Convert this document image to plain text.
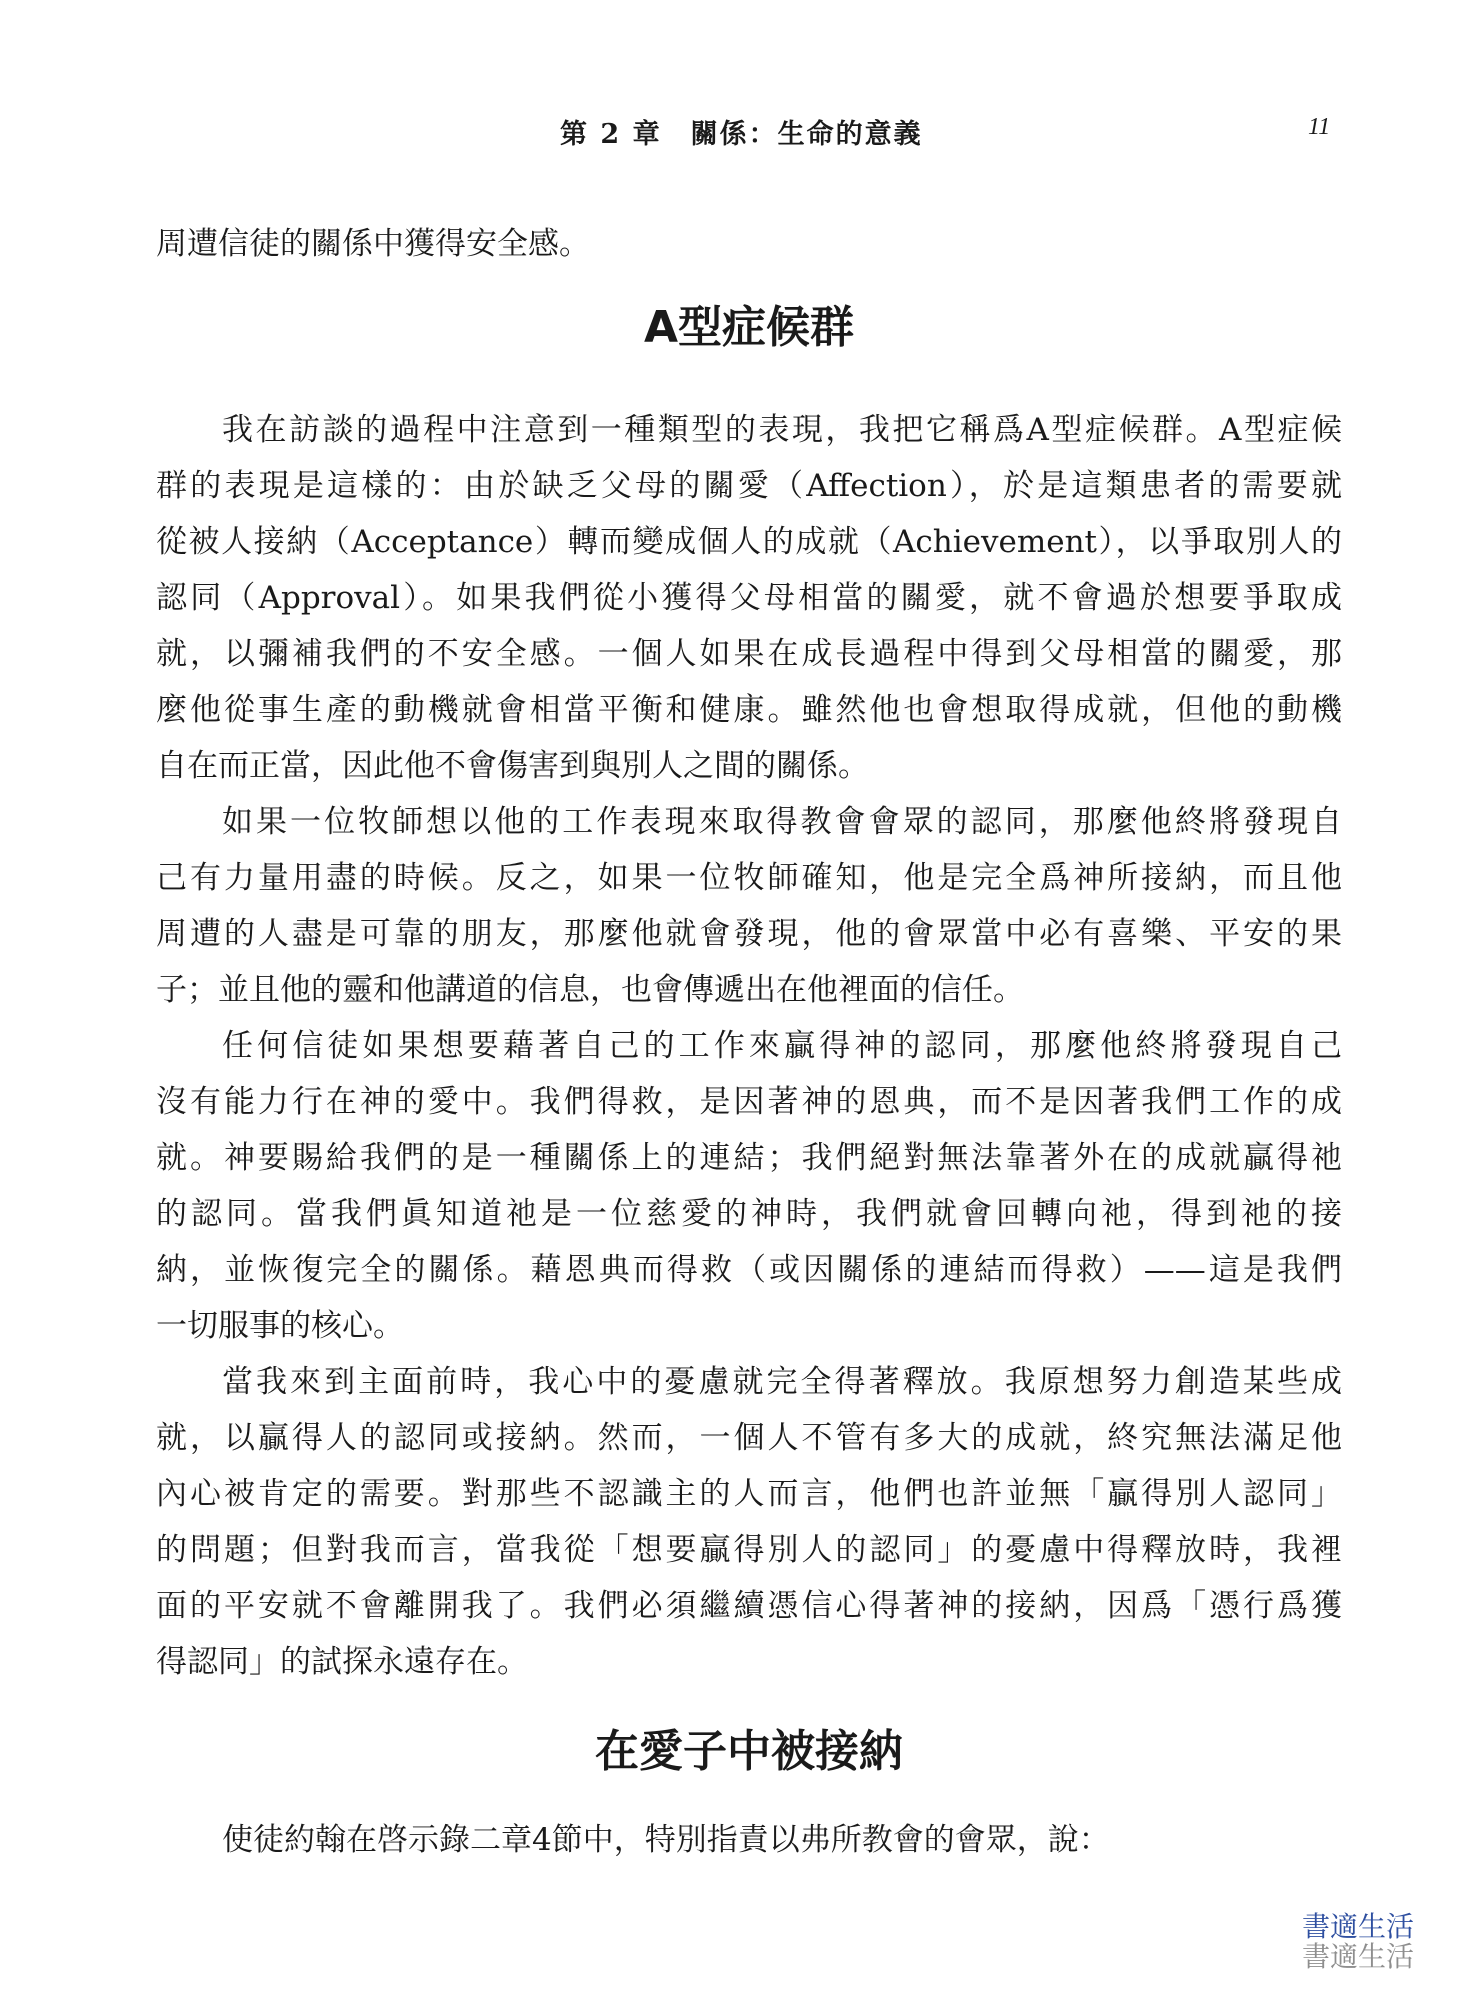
第 2 章　關係：生命的意義	11
周遭信徒的關係中獲得安全感。
A型症候群
我在訪談的過程中注意到一種類型的表現，我把它稱爲A型症候群。A型症候
群的表現是這樣的：由於缺乏父母的關愛（Affection），於是這類患者的需要就
從被人接納（Acceptance）轉而變成個人的成就（Achievement），以爭取別人的
認同（Approval）。如果我們從小獲得父母相當的關愛，就不會過於想要爭取成
就，以彌補我們的不安全感。一個人如果在成長過程中得到父母相當的關愛，那
麼他從事生產的動機就會相當平衡和健康。雖然他也會想取得成就，但他的動機
自在而正當，因此他不會傷害到與別人之間的關係。
如果一位牧師想以他的工作表現來取得教會會眾的認同，那麼他終將發現自
己有力量用盡的時候。反之，如果一位牧師確知，他是完全爲神所接納，而且他
周遭的人盡是可靠的朋友，那麼他就會發現，他的會眾當中必有喜樂、平安的果
子；並且他的靈和他講道的信息，也會傳遞出在他裡面的信任。
任何信徒如果想要藉著自己的工作來贏得神的認同，那麼他終將發現自己
沒有能力行在神的愛中。我們得救，是因著神的恩典，而不是因著我們工作的成
就。神要賜給我們的是一種關係上的連結；我們絕對無法靠著外在的成就贏得祂
的認同。當我們眞知道祂是一位慈愛的神時，我們就會回轉向祂，得到祂的接
納，並恢復完全的關係。藉恩典而得救（或因關係的連結而得救）——這是我們
一切服事的核心。
當我來到主面前時，我心中的憂慮就完全得著釋放。我原想努力創造某些成
就，以贏得人的認同或接納。然而，一個人不管有多大的成就，終究無法滿足他
內心被肯定的需要。對那些不認識主的人而言，他們也許並無「贏得別人認同」
的問題；但對我而言，當我從「想要贏得別人的認同」的憂慮中得釋放時，我裡
面的平安就不會離開我了。我們必須繼續憑信心得著神的接納，因爲「憑行爲獲
得認同」的試探永遠存在。
在愛子中被接納
使徒約翰在啓示錄二章4節中，特別指責以弗所教會的會眾，說：
書適生活
書適生活
